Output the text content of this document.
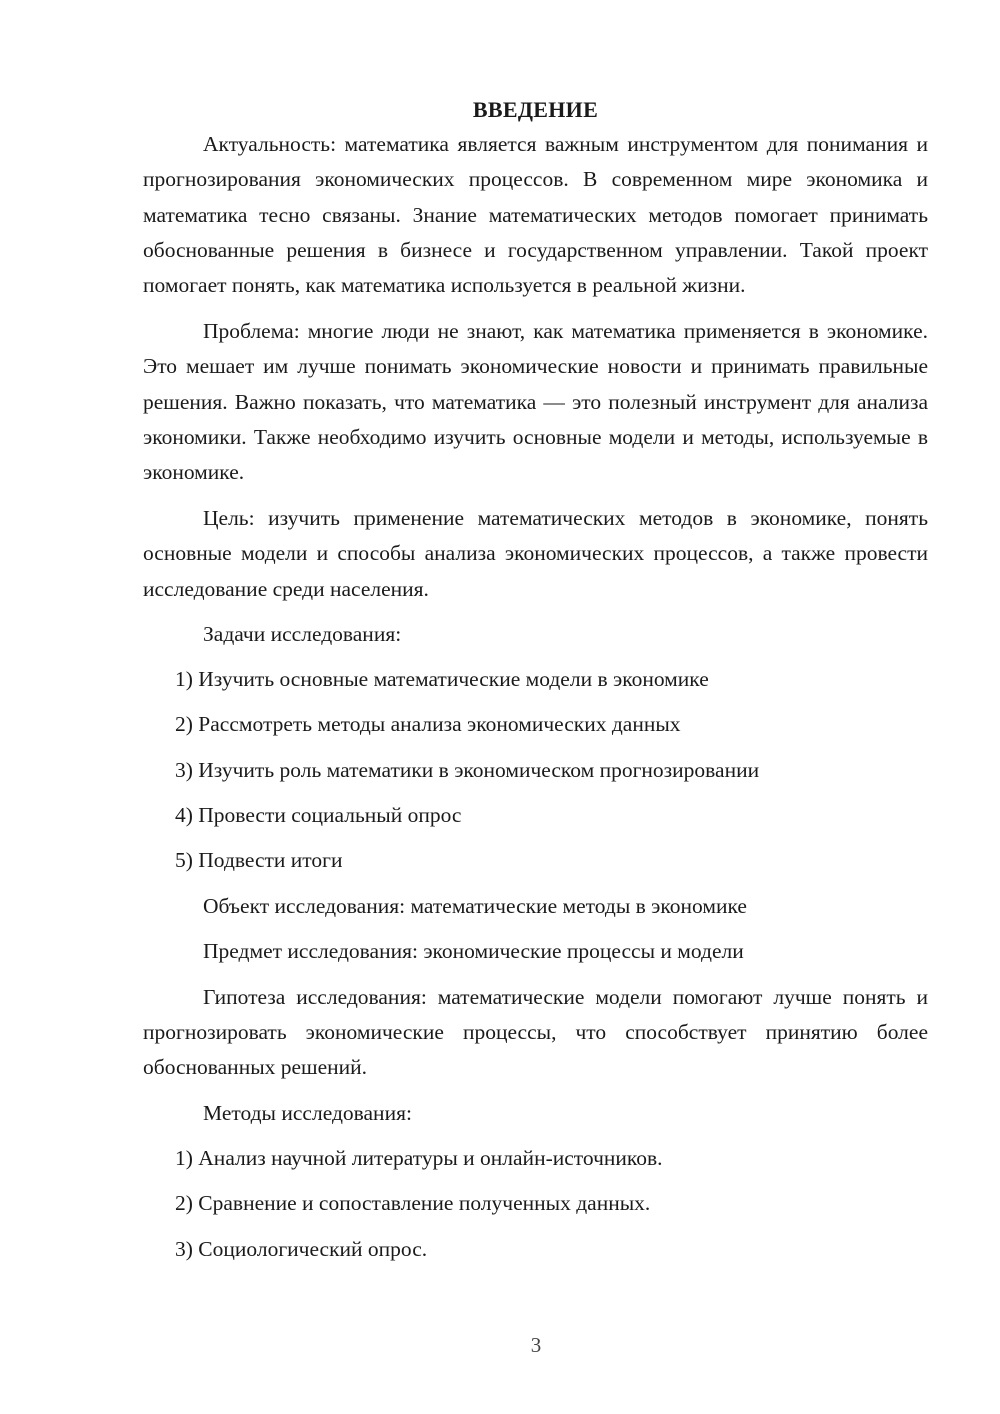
ВВЕДЕНИЕ

Актуальность: математика является важным инструментом для понимания и прогнозирования экономических процессов. В современном мире экономика и математика тесно связаны. Знание математических методов помогает принимать обоснованные решения в бизнесе и государственном управлении. Такой проект помогает понять, как математика используется в реальной жизни.

Проблема: многие люди не знают, как математика применяется в экономике. Это мешает им лучше понимать экономические новости и принимать правильные решения. Важно показать, что математика — это полезный инструмент для анализа экономики. Также необходимо изучить основные модели и методы, используемые в экономике.

Цель: изучить применение математических методов в экономике, понять основные модели и способы анализа экономических процессов, а также провести исследование среди населения.

Задачи исследования:

1) Изучить основные математические модели в экономике

2) Рассмотреть методы анализа экономических данных

3) Изучить роль математики в экономическом прогнозировании

4) Провести социальный опрос

5) Подвести итоги

Объект исследования: математические методы в экономике

Предмет исследования: экономические процессы и модели

Гипотеза исследования: математические модели помогают лучше понять и прогнозировать экономические процессы, что способствует принятию более обоснованных решений.

Методы исследования:

1) Анализ научной литературы и онлайн-источников.

2) Сравнение и сопоставление полученных данных.

3) Социологический опрос.

3
